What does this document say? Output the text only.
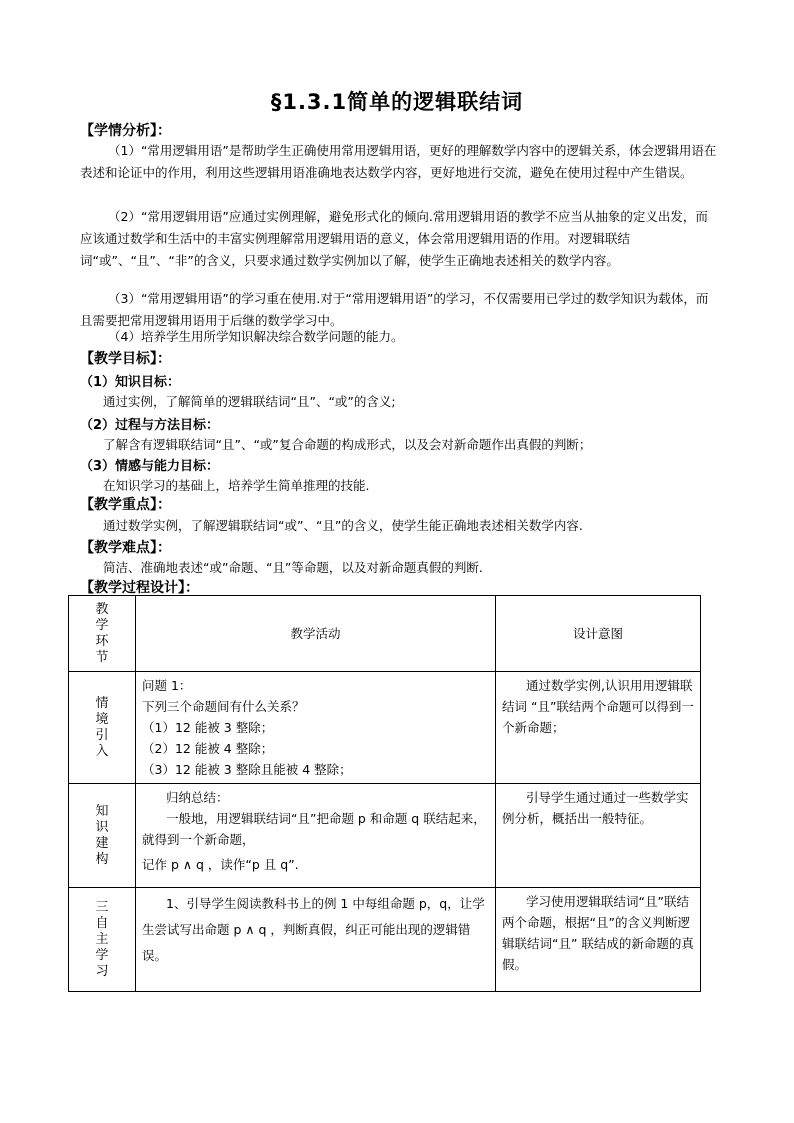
§1.3.1简单的逻辑联结词
【学情分析】：
（1）“常用逻辑用语”是帮助学生正确使用常用逻辑用语，更好的理解数学内容中的逻辑关系，体会逻辑用语在表述和论证中的作用，利用这些逻辑用语准确地表达数学内容，更好地进行交流，避免在使用过程中产生错误。
（2）“常用逻辑用语”应通过实例理解，避免形式化的倾向.常用逻辑用语的教学不应当从抽象的定义出发，而应该通过数学和生活中的丰富实例理解常用逻辑用语的意义，体会常用逻辑用语的作用。对逻辑联结词“或”、“且”、“非”的含义，只要求通过数学实例加以了解，使学生正确地表述相关的数学内容。
（3）“常用逻辑用语”的学习重在使用.对于“常用逻辑用语”的学习，不仅需要用已学过的数学知识为载体，而且需要把常用逻辑用语用于后继的数学学习中。
（4）培养学生用所学知识解决综合数学问题的能力。
【教学目标】：
（1）知识目标：
通过实例，了解简单的逻辑联结词“且”、“或”的含义;
（2）过程与方法目标：
了解含有逻辑联结词“且”、“或”复合命题的构成形式，以及会对新命题作出真假的判断；
（3）情感与能力目标：
在知识学习的基础上，培养学生简单推理的技能.
【教学重点】：
通过数学实例，了解逻辑联结词“或”、“且”的含义，使学生能正确地表述相关数学内容.
【教学难点】：
简洁、准确地表述“或”命题、“且”等命题，以及对新命题真假的判断.
【教学过程设计】：
教学环节	教学活动	设计意图

情境引入	问题 1：
下列三个命题间有什么关系？
（1）12 能被 3 整除；
（2）12 能被 4 整除；
（3）12 能被 3 整除且能被 4 整除；	通过数学实例,认识用用逻辑联结词 “且”联结两个命题可以得到一个新命题；

知识建构	归纳总结：
一般地，用逻辑联结词“且”把命题 p 和命题 q 联结起来，就得到一个新命题，
记作 p ∧ q ，读作“p 且 q”.	引导学生通过通过一些数学实例分析，概括出一般特征。

三
自主学习	1、引导学生阅读教科书上的例 1 中每组命题 p，q，让学生尝试写出命题 p ∧ q ，判断真假，纠正可能出现的逻辑错误。	学习使用逻辑联结词“且”联结两个命题，根据“且”的含义判断逻辑联结词“且” 联结成的新命题的真假。
